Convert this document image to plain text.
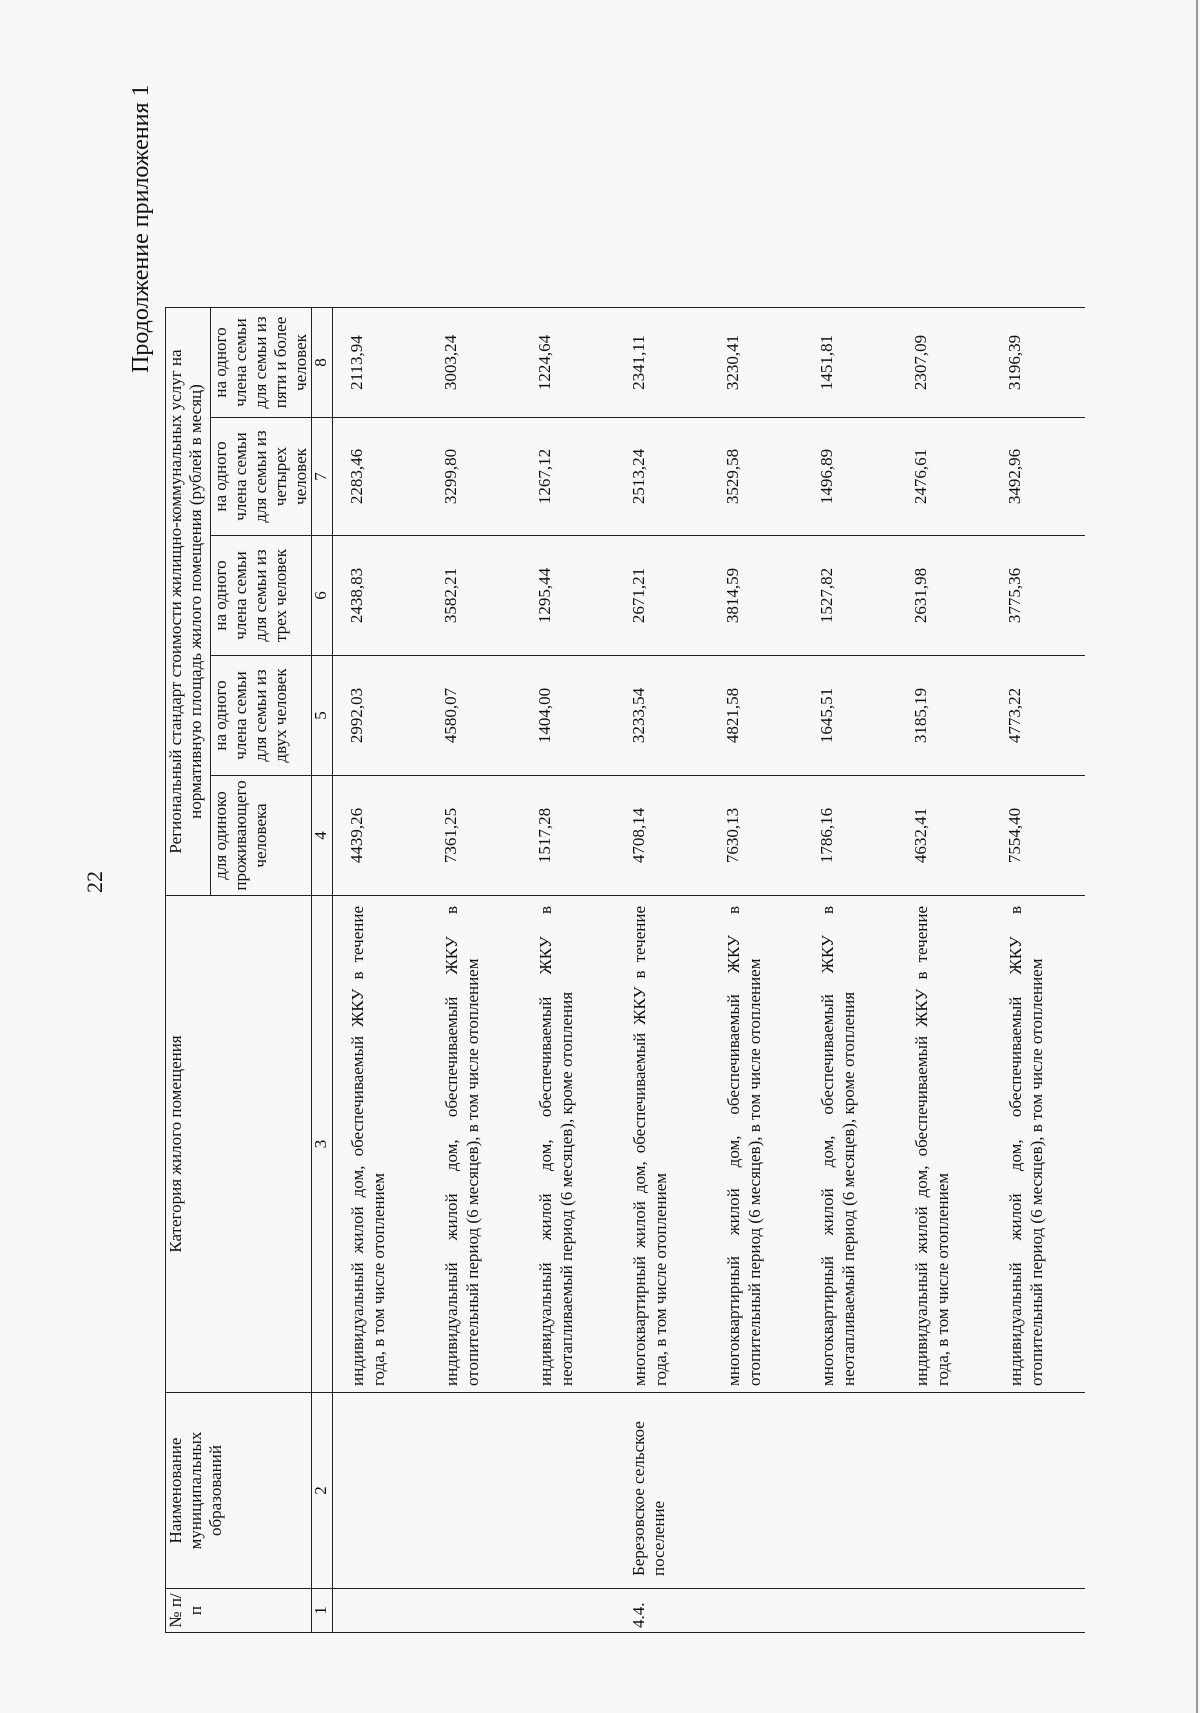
22
Продолжение приложения 1
№ п/п	Наименование муниципальных образований	Категория жилого помещения	Региональный стандарт стоимости жилищно-коммунальных услуг на нормативную площадь жилого помещения (рублей в месяц)				
			для одиноко проживающего человека	на одного члена семьи для семьи из двух человек	на одного члена семьи для семьи из трех человек	на одного члена семьи для семьи из четырех человек	на одного члена семьи для семьи из пяти и более человек
1	2	3	4	5	6	7	8
		индивидуальный жилой дом, обеспечиваемый ЖКУ в течение года, в том числе отоплением	4439,26	2992,03	2438,83	2283,46	2113,94
		индивидуальный жилой дом, обеспечиваемый ЖКУ в отопительный период (6 месяцев), в том числе отоплением	7361,25	4580,07	3582,21	3299,80	3003,24
		индивидуальный жилой дом, обеспечиваемый ЖКУ в неотапливаемый период (6 месяцев), кроме отопления	1517,28	1404,00	1295,44	1267,12	1224,64
4.4.	Березовское сельское поселение	многоквартирный жилой дом, обеспечиваемый ЖКУ в течение года, в том числе отоплением	4708,14	3233,54	2671,21	2513,24	2341,11
		многоквартирный жилой дом, обеспечиваемый ЖКУ в отопительный период (6 месяцев), в том числе отоплением	7630,13	4821,58	3814,59	3529,58	3230,41
		многоквартирный жилой дом, обеспечиваемый ЖКУ в неотапливаемый период (6 месяцев), кроме отопления	1786,16	1645,51	1527,82	1496,89	1451,81
		индивидуальный жилой дом, обеспечиваемый ЖКУ в течение года, в том числе отоплением	4632,41	3185,19	2631,98	2476,61	2307,09
		индивидуальный жилой дом, обеспечиваемый ЖКУ в отопительный период (6 месяцев), в том числе отоплением	7554,40	4773,22	3775,36	3492,96	3196,39
